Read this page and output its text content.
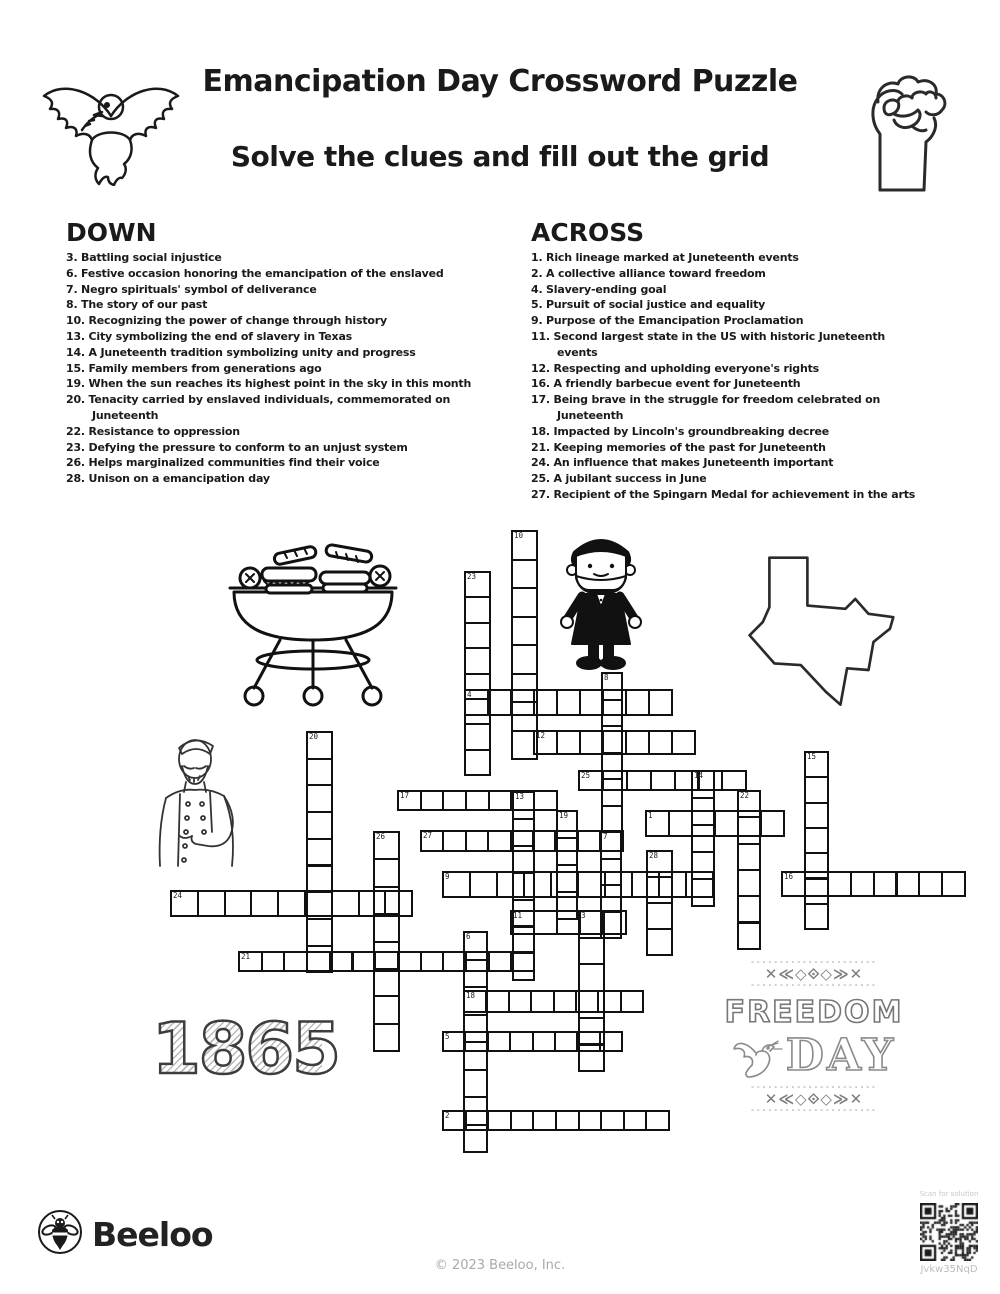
Emancipation Day Crossword Puzzle
Solve the clues and fill out the grid
DOWN
3. Battling social injustice
6. Festive occasion honoring the emancipation of the enslaved
7. Negro spirituals' symbol of deliverance
8. The story of our past
10. Recognizing the power of change through history
13. City symbolizing the end of slavery in Texas
14. A Juneteenth tradition symbolizing unity and progress
15. Family members from generations ago
19. When the sun reaches its highest point in the sky in this month
20. Tenacity carried by enslaved individuals, commemorated on Juneteenth
22. Resistance to oppression
23. Defying the pressure to conform to an unjust system
26. Helps marginalized communities find their voice
28. Unison on a emancipation day
ACROSS
1. Rich lineage marked at Juneteenth events
2. A collective alliance toward freedom
4. Slavery-ending goal
5. Pursuit of social justice and equality
9. Purpose of the Emancipation Proclamation
11. Second largest state in the US with historic Juneteenth events
12. Respecting and upholding everyone's rights
16. A friendly barbecue event for Juneteenth
17. Being brave in the struggle for freedom celebrated on Juneteenth
18. Impacted by Lincoln's groundbreaking decree
21. Keeping memories of the past for Juneteenth
24. An influence that makes Juneteenth important
25. A jubilant success in June
27. Recipient of the Spingarn Medal for achievement in the arts
4
12
25
17
1
27
9	16
24
11
21
18
5
2
10
23
8
20
15
14
22
13
19
7
26
28
3
6
1865
∘∘∘∘∘∘∘∘∘∘∘∘∘∘∘∘∘∘∘∘∘∘
✕≪◇⟐◇≫✕
∘∘∘∘∘∘∘∘∘∘∘∘∘∘∘∘∘∘∘∘∘∘
FREEDOM
DAY
∘∘∘∘∘∘∘∘∘∘∘∘∘∘∘∘∘∘∘∘∘∘
✕≪◇⟐◇≫✕
∘∘∘∘∘∘∘∘∘∘∘∘∘∘∘∘∘∘∘∘∘∘
Beeloo
© 2023 Beeloo, Inc.
Scan for solution
Jvkw35NqD
